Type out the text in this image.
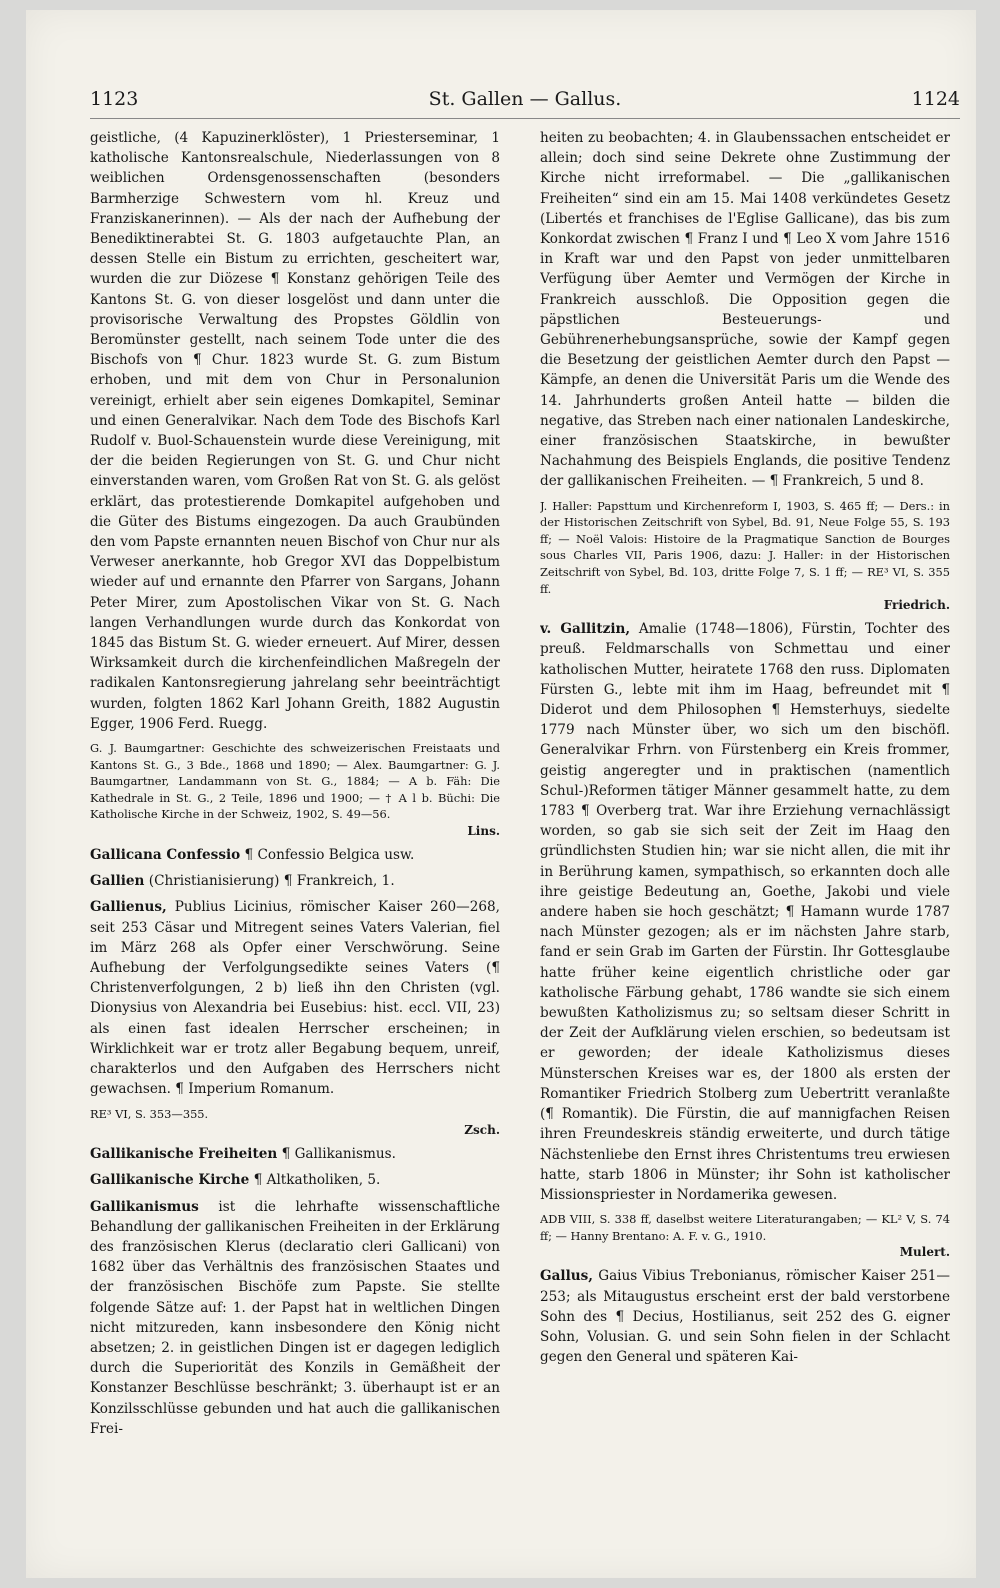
1123	St. Gallen — Gallus.	1124

geistliche, (4 Kapuzinerklöster), 1 Priesterseminar, 1 katholische Kantonsrealschule, Niederlassungen von 8 weiblichen Ordensgenossenschaften (besonders Barmherzige Schwestern vom hl. Kreuz und Franziskanerinnen). — Als der nach der Aufhebung der Benediktinerabtei St. G. 1803 aufgetauchte Plan, an dessen Stelle ein Bistum zu errichten, gescheitert war, wurden die zur Diözese ¶ Konstanz gehörigen Teile des Kantons St. G. von dieser losgelöst und dann unter die provisorische Verwaltung des Propstes Göldlin von Beromünster gestellt, nach seinem Tode unter die des Bischofs von ¶ Chur. 1823 wurde St. G. zum Bistum erhoben, und mit dem von Chur in Personalunion vereinigt, erhielt aber sein eigenes Domkapitel, Seminar und einen Generalvikar. Nach dem Tode des Bischofs Karl Rudolf v. Buol-Schauenstein wurde diese Vereinigung, mit der die beiden Regierungen von St. G. und Chur nicht einverstanden waren, vom Großen Rat von St. G. als gelöst erklärt, das protestierende Domkapitel aufgehoben und die Güter des Bistums eingezogen. Da auch Graubünden den vom Papste ernannten neuen Bischof von Chur nur als Verweser anerkannte, hob Gregor XVI das Doppelbistum wieder auf und ernannte den Pfarrer von Sargans, Johann Peter Mirer, zum Apostolischen Vikar von St. G. Nach langen Verhandlungen wurde durch das Konkordat von 1845 das Bistum St. G. wieder erneuert. Auf Mirer, dessen Wirksamkeit durch die kirchenfeindlichen Maßregeln der radikalen Kantonsregierung jahrelang sehr beeinträchtigt wurden, folgten 1862 Karl Johann Greith, 1882 Augustin Egger, 1906 Ferd. Ruegg.

G. J. Baumgartner: Geschichte des schweizerischen Freistaats und Kantons St. G., 3 Bde., 1868 und 1890; — Alex. Baumgartner: G. J. Baumgartner, Landammann von St. G., 1884; — A b. Fäh: Die Kathedrale in St. G., 2 Teile, 1896 und 1900; — † A l b. Büchi: Die Katholische Kirche in der Schweiz, 1902, S. 49—56.
Lins.

Gallicana Confessio ¶ Confessio Belgica usw.

Gallien (Christianisierung) ¶ Frankreich, 1.

Gallienus, Publius Licinius, römischer Kaiser 260—268, seit 253 Cäsar und Mitregent seines Vaters Valerian, fiel im März 268 als Opfer einer Verschwörung. Seine Aufhebung der Verfolgungsedikte seines Vaters (¶ Christenverfolgungen, 2 b) ließ ihn den Christen (vgl. Dionysius von Alexandria bei Eusebius: hist. eccl. VII, 23) als einen fast idealen Herrscher erscheinen; in Wirklichkeit war er trotz aller Begabung bequem, unreif, charakterlos und den Aufgaben des Herrschers nicht gewachsen. ¶ Imperium Romanum.

RE³ VI, S. 353—355.
Zsch.

Gallikanische Freiheiten ¶ Gallikanismus.

Gallikanische Kirche ¶ Altkatholiken, 5.

Gallikanismus ist die lehrhafte wissenschaftliche Behandlung der gallikanischen Freiheiten in der Erklärung des französischen Klerus (declaratio cleri Gallicani) von 1682 über das Verhältnis des französischen Staates und der französischen Bischöfe zum Papste. Sie stellte folgende Sätze auf: 1. der Papst hat in weltlichen Dingen nicht mitzureden, kann insbesondere den König nicht absetzen; 2. in geistlichen Dingen ist er dagegen lediglich durch die Superiorität des Konzils in Gemäßheit der Konstanzer Beschlüsse beschränkt; 3. überhaupt ist er an Konzilsschlüsse gebunden und hat auch die gallikanischen Frei-

heiten zu beobachten; 4. in Glaubenssachen entscheidet er allein; doch sind seine Dekrete ohne Zustimmung der Kirche nicht irreformabel. — Die „gallikanischen Freiheiten“ sind ein am 15. Mai 1408 verkündetes Gesetz (Libertés et franchises de l'Eglise Gallicane), das bis zum Konkordat zwischen ¶ Franz I und ¶ Leo X vom Jahre 1516 in Kraft war und den Papst von jeder unmittelbaren Verfügung über Aemter und Vermögen der Kirche in Frankreich ausschloß. Die Opposition gegen die päpstlichen Besteuerungs- und Gebührenerhebungsansprüche, sowie der Kampf gegen die Besetzung der geistlichen Aemter durch den Papst — Kämpfe, an denen die Universität Paris um die Wende des 14. Jahrhunderts großen Anteil hatte — bilden die negative, das Streben nach einer nationalen Landeskirche, einer französischen Staatskirche, in bewußter Nachahmung des Beispiels Englands, die positive Tendenz der gallikanischen Freiheiten. — ¶ Frankreich, 5 und 8.

J. Haller: Papsttum und Kirchenreform I, 1903, S. 465 ff; — Ders.: in der Historischen Zeitschrift von Sybel, Bd. 91, Neue Folge 55, S. 193 ff; — Noël Valois: Histoire de la Pragmatique Sanction de Bourges sous Charles VII, Paris 1906, dazu: J. Haller: in der Historischen Zeitschrift von Sybel, Bd. 103, dritte Folge 7, S. 1 ff; — RE³ VI, S. 355 ff.
Friedrich.

v. Gallitzin, Amalie (1748—1806), Fürstin, Tochter des preuß. Feldmarschalls von Schmettau und einer katholischen Mutter, heiratete 1768 den russ. Diplomaten Fürsten G., lebte mit ihm im Haag, befreundet mit ¶ Diderot und dem Philosophen ¶ Hemsterhuys, siedelte 1779 nach Münster über, wo sich um den bischöfl. Generalvikar Frhrn. von Fürstenberg ein Kreis frommer, geistig angeregter und in praktischen (namentlich Schul-)Reformen tätiger Männer gesammelt hatte, zu dem 1783 ¶ Overberg trat. War ihre Erziehung vernachlässigt worden, so gab sie sich seit der Zeit im Haag den gründlichsten Studien hin; war sie nicht allen, die mit ihr in Berührung kamen, sympathisch, so erkannten doch alle ihre geistige Bedeutung an, Goethe, Jakobi und viele andere haben sie hoch geschätzt; ¶ Hamann wurde 1787 nach Münster gezogen; als er im nächsten Jahre starb, fand er sein Grab im Garten der Fürstin. Ihr Gottesglaube hatte früher keine eigentlich christliche oder gar katholische Färbung gehabt, 1786 wandte sie sich einem bewußten Katholizismus zu; so seltsam dieser Schritt in der Zeit der Aufklärung vielen erschien, so bedeutsam ist er geworden; der ideale Katholizismus dieses Münsterschen Kreises war es, der 1800 als ersten der Romantiker Friedrich Stolberg zum Uebertritt veranlaßte (¶ Romantik). Die Fürstin, die auf mannigfachen Reisen ihren Freundeskreis ständig erweiterte, und durch tätige Nächstenliebe den Ernst ihres Christentums treu erwiesen hatte, starb 1806 in Münster; ihr Sohn ist katholischer Missionspriester in Nordamerika gewesen.

ADB VIII, S. 338 ff, daselbst weitere Literaturangaben; — KL² V, S. 74 ff; — Hanny Brentano: A. F. v. G., 1910.
Mulert.

Gallus, Gaius Vibius Trebonianus, römischer Kaiser 251—253; als Mitaugustus erscheint erst der bald verstorbene Sohn des ¶ Decius, Hostilianus, seit 252 des G. eigner Sohn, Volusian. G. und sein Sohn fielen in der Schlacht gegen den General und späteren Kai-
